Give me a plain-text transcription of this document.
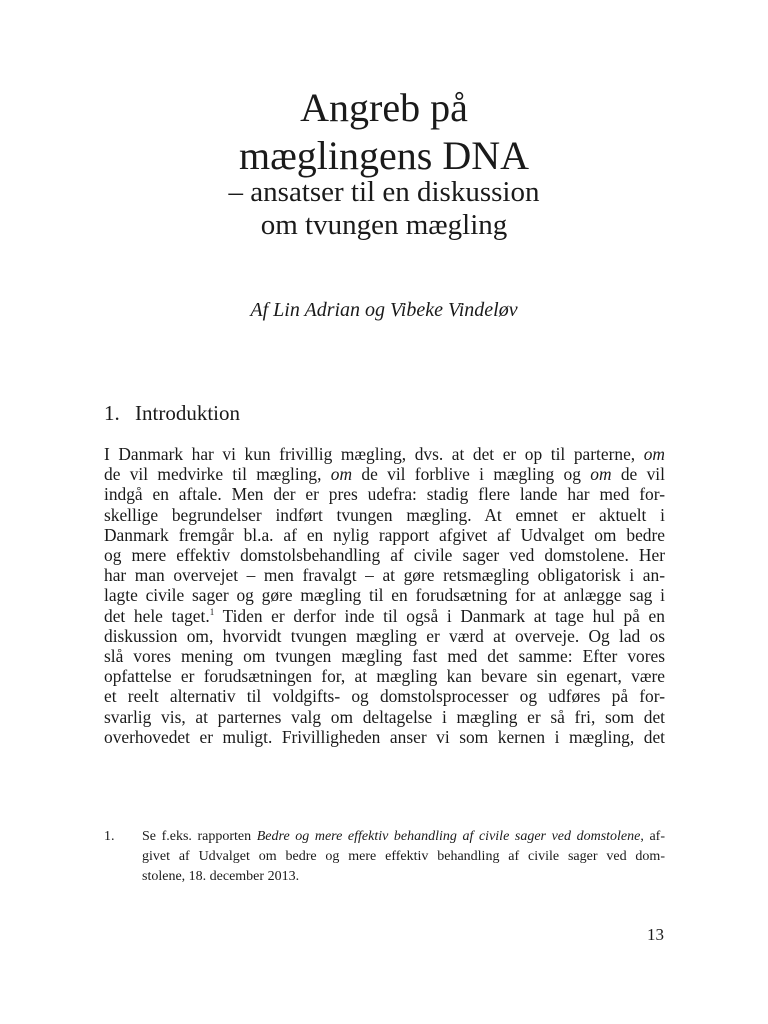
Angreb på
mæglingens DNA
– ansatser til en diskussion
om tvungen mægling

Af Lin Adrian og Vibeke Vindeløv

1. Introduktion
I Danmark har vi kun frivillig mægling, dvs. at det er op til parterne, om
de vil medvirke til mægling, om de vil forblive i mægling og om de vil
indgå en aftale. Men der er pres udefra: stadig flere lande har med for-
skellige begrundelser indført tvungen mægling. At emnet er aktuelt i
Danmark fremgår bl.a. af en nylig rapport afgivet af Udvalget om bedre
og mere effektiv domstolsbehandling af civile sager ved domstolene. Her
har man overvejet – men fravalgt – at gøre retsmægling obligatorisk i an-
lagte civile sager og gøre mægling til en forudsætning for at anlægge sag i
det hele taget.$^1$ Tiden er derfor inde til også i Danmark at tage hul på en
diskussion om, hvorvidt tvungen mægling er værd at overveje. Og lad os
slå vores mening om tvungen mægling fast med det samme: Efter vores
opfattelse er forudsætningen for, at mægling kan bevare sin egenart, være
et reelt alternativ til voldgifts- og domstolsprocesser og udføres på for-
svarlig vis, at parternes valg om deltagelse i mægling er så fri, som det
overhovedet er muligt. Frivilligheden anser vi som kernen i mægling, det
1. Se f.eks. rapporten Bedre og mere effektiv behandling af civile sager ved domstolene, af-
givet af Udvalget om bedre og mere effektiv behandling af civile sager ved dom-
stolene, 18. december 2013.
13
